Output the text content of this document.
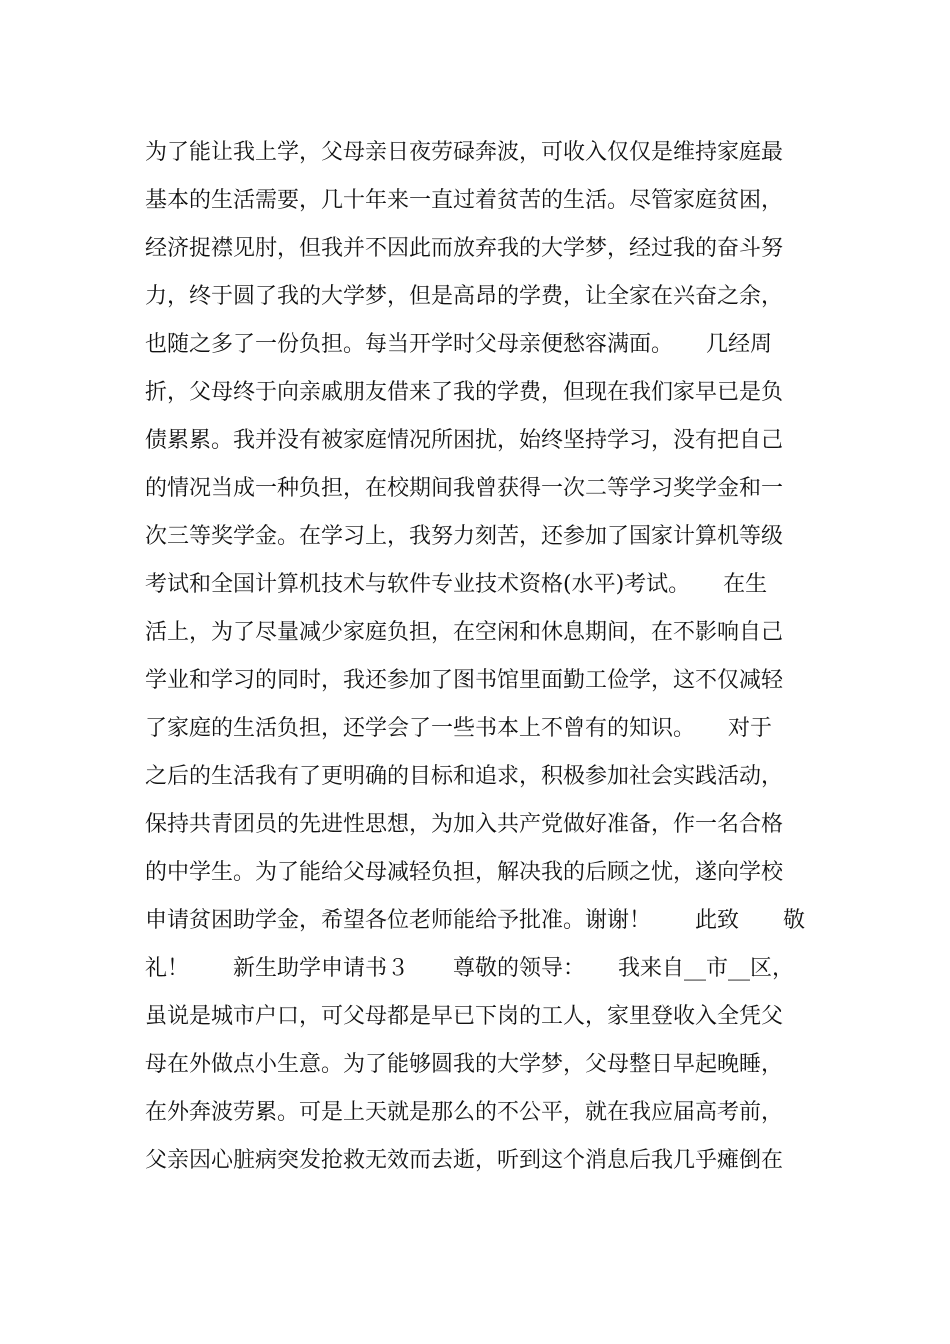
为了能让我上学，父母亲日夜劳碌奔波，可收入仅仅是维持家庭最
基本的生活需要，几十年来一直过着贫苦的生活。尽管家庭贫困，
经济捉襟见肘，但我并不因此而放弃我的大学梦，经过我的奋斗努
力，终于圆了我的大学梦，但是高昂的学费，让全家在兴奋之余，
也随之多了一份负担。每当开学时父母亲便愁容满面。　　几经周
折，父母终于向亲戚朋友借来了我的学费，但现在我们家早已是负
债累累。我并没有被家庭情况所困扰，始终坚持学习，没有把自己
的情况当成一种负担，在校期间我曾获得一次二等学习奖学金和一
次三等奖学金。在学习上，我努力刻苦，还参加了国家计算机等级
考试和全国计算机技术与软件专业技术资格(水平)考试。　　在生
活上，为了尽量减少家庭负担，在空闲和休息期间，在不影响自己
学业和学习的同时，我还参加了图书馆里面勤工俭学，这不仅减轻
了家庭的生活负担，还学会了一些书本上不曾有的知识。　　对于
之后的生活我有了更明确的目标和追求，积极参加社会实践活动，
保持共青团员的先进性思想，为加入共产党做好准备，作一名合格
的中学生。为了能给父母减轻负担，解决我的后顾之忧，遂向学校
申请贫困助学金，希望各位老师能给予批准。谢谢！　　此致　　敬
礼！　　新生助学申请书３　　尊敬的领导：　　我来自__市__区，
虽说是城市户口，可父母都是早已下岗的工人，家里登收入全凭父
母在外做点小生意。为了能够圆我的大学梦，父母整日早起晚睡，
在外奔波劳累。可是上天就是那么的不公平，就在我应届高考前，
父亲因心脏病突发抢救无效而去逝，听到这个消息后我几乎瘫倒在
